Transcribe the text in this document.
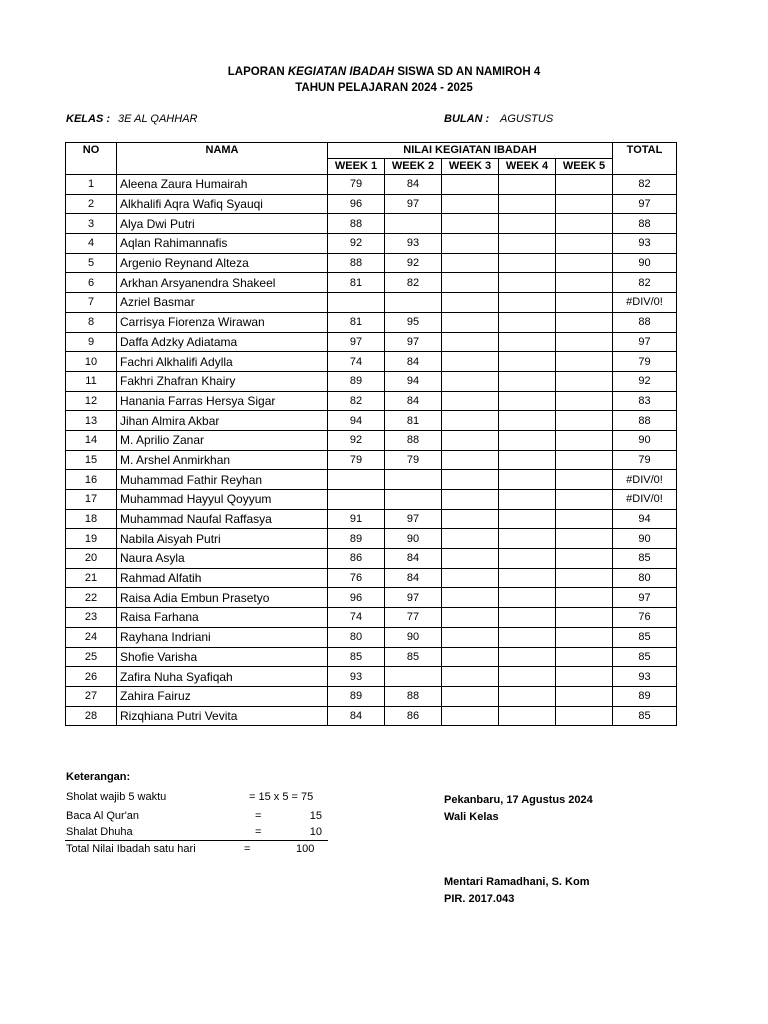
LAPORAN KEGIATAN IBADAH SISWA SD AN NAMIROH 4
TAHUN PELAJARAN 2024 - 2025
KELAS : 3E AL QAHHAR	BULAN : AGUSTUS
NO	NAMA	NILAI KEGIATAN IBADAH					TOTAL
		WEEK 1	WEEK 2	WEEK 3	WEEK 4	WEEK 5	
1	Aleena Zaura Humairah	79	84				82
2	Alkhalifi Aqra Wafiq Syauqi	96	97				97
3	Alya Dwi Putri	88					88
4	Aqlan Rahimannafis	92	93				93
5	Argenio Reynand Alteza	88	92				90
6	Arkhan Arsyanendra Shakeel	81	82				82
7	Azriel Basmar						#DIV/0!
8	Carrisya Fiorenza Wirawan	81	95				88
9	Daffa Adzky Adiatama	97	97				97
10	Fachri Alkhalifi Adylla	74	84				79
11	Fakhri Zhafran Khairy	89	94				92
12	Hanania Farras Hersya Sigar	82	84				83
13	Jihan Almira Akbar	94	81				88
14	M. Aprilio Zanar	92	88				90
15	M. Arshel Anmirkhan	79	79				79
16	Muhammad Fathir Reyhan						#DIV/0!
17	Muhammad Hayyul Qoyyum						#DIV/0!
18	Muhammad Naufal Raffasya	91	97				94
19	Nabila Aisyah Putri	89	90				90
20	Naura Asyla	86	84				85
21	Rahmad Alfatih	76	84				80
22	Raisa Adia Embun Prasetyo	96	97				97
23	Raisa Farhana	74	77				76
24	Rayhana Indriani	80	90				85
25	Shofie Varisha	85	85				85
26	Zafira Nuha Syafiqah	93					93
27	Zahira Fairuz	89	88				89
28	Rizqhiana Putri Vevita	84	86				85
Keterangan:
Sholat wajib 5 waktu	= 15 x 5 = 75
Baca Al Qur'an	=	15
Shalat Dhuha	=	10
Total Nilai Ibadah satu hari	=	100
Pekanbaru, 17 Agustus 2024
Wali Kelas
Mentari Ramadhani, S. Kom
PIR. 2017.043
